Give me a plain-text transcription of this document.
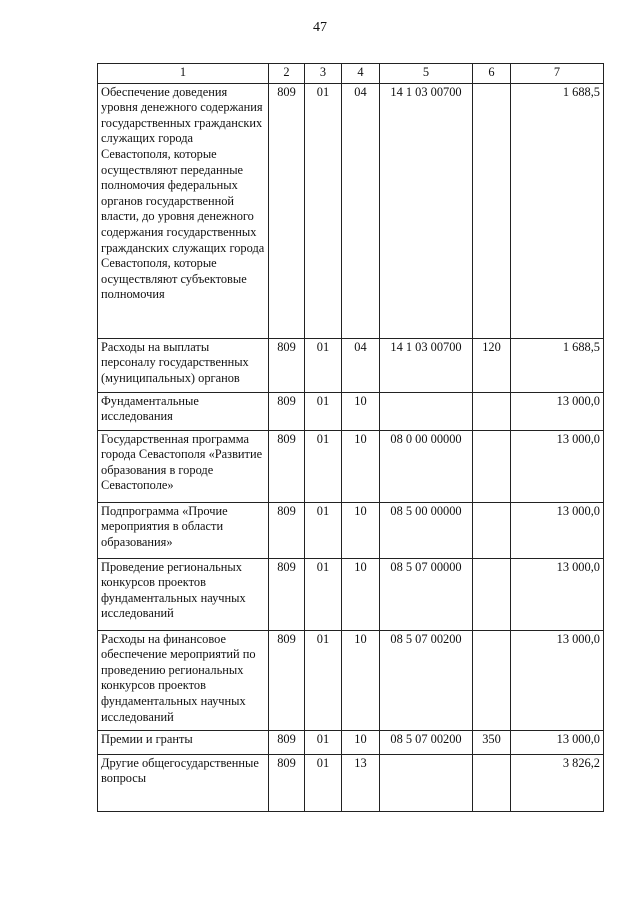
47
1	2	3	4	5	6	7
Обеспечение доведения уровня денежного содержания государственных гражданских служащих города Севастополя, которые осуществляют переданные полномочия федеральных органов государственной власти, до уровня денежного содержания государственных гражданских служащих города Севастополя, которые осуществляют субъектовые полномочия	809	01	04	14 1 03 00700		1 688,5
Расходы на выплаты персоналу государственных (муниципальных) органов	809	01	04	14 1 03 00700	120	1 688,5
Фундаментальные исследования	809	01	10			13 000,0
Государственная программа города Севастополя «Развитие образования в городе Севастополе»	809	01	10	08 0 00 00000		13 000,0
Подпрограмма «Прочие мероприятия в области образования»	809	01	10	08 5 00 00000		13 000,0
Проведение региональных конкурсов проектов фундаментальных научных исследований	809	01	10	08 5 07 00000		13 000,0
Расходы на финансовое обеспечение мероприятий по проведению региональных конкурсов проектов фундаментальных научных исследований	809	01	10	08 5 07 00200		13 000,0
Премии и гранты	809	01	10	08 5 07 00200	350	13 000,0
Другие общегосударственные вопросы	809	01	13			3 826,2
